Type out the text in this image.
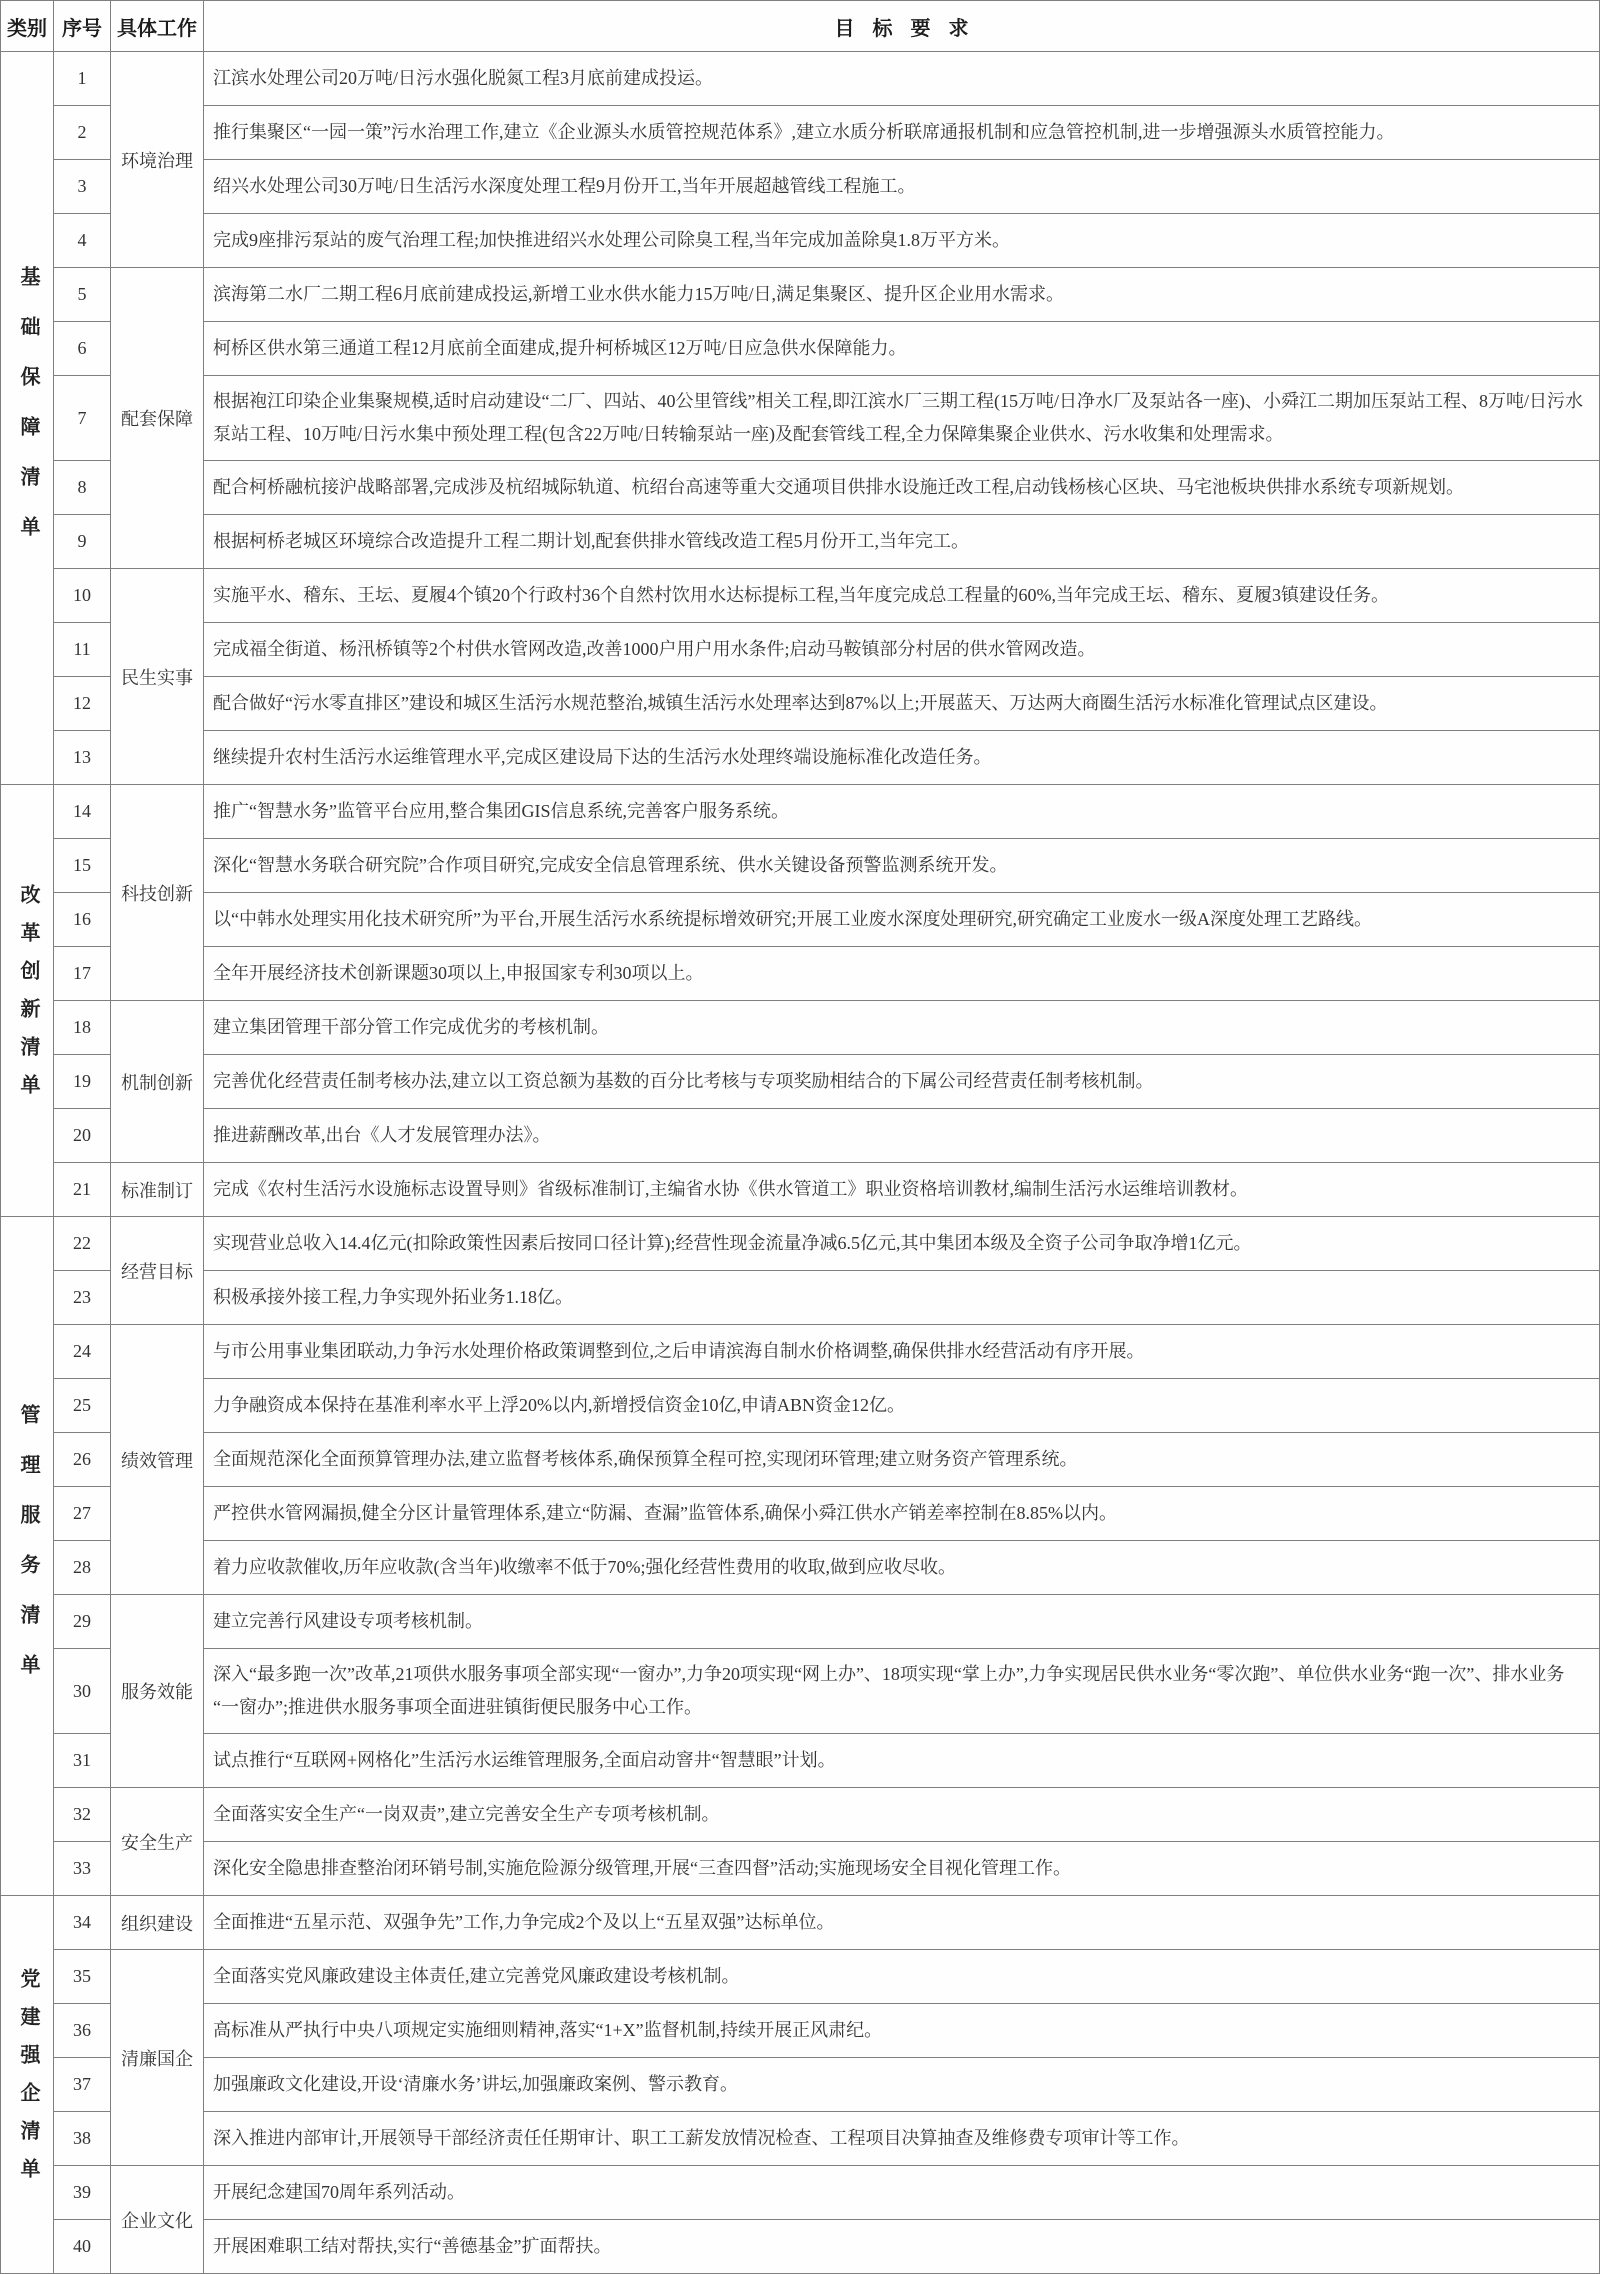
类别	序号	具体工作	目标要求
基础保障清单	1	环境治理	江滨水处理公司20万吨/日污水强化脱氮工程3月底前建成投运。
	2		推行集聚区“一园一策”污水治理工作,建立《企业源头水质管控规范体系》,建立水质分析联席通报机制和应急管控机制,进一步增强源头水质管控能力。
	3		绍兴水处理公司30万吨/日生活污水深度处理工程9月份开工,当年开展超越管线工程施工。
	4		完成9座排污泵站的废气治理工程;加快推进绍兴水处理公司除臭工程,当年完成加盖除臭1.8万平方米。
	5	配套保障	滨海第二水厂二期工程6月底前建成投运,新增工业水供水能力15万吨/日,满足集聚区、提升区企业用水需求。
	6		柯桥区供水第三通道工程12月底前全面建成,提升柯桥城区12万吨/日应急供水保障能力。
	7		根据袍江印染企业集聚规模,适时启动建设“二厂、四站、40公里管线”相关工程,即江滨水厂三期工程(15万吨/日净水厂及泵站各一座)、小舜江二期加压泵站工程、8万吨/日污水泵站工程、10万吨/日污水集中预处理工程(包含22万吨/日转输泵站一座)及配套管线工程,全力保障集聚企业供水、污水收集和处理需求。
	8		配合柯桥融杭接沪战略部署,完成涉及杭绍城际轨道、杭绍台高速等重大交通项目供排水设施迁改工程,启动钱杨核心区块、马宅池板块供排水系统专项新规划。
	9		根据柯桥老城区环境综合改造提升工程二期计划,配套供排水管线改造工程5月份开工,当年完工。
	10	民生实事	实施平水、稽东、王坛、夏履4个镇20个行政村36个自然村饮用水达标提标工程,当年度完成总工程量的60%,当年完成王坛、稽东、夏履3镇建设任务。
	11		完成福全街道、杨汛桥镇等2个村供水管网改造,改善1000户用户用水条件;启动马鞍镇部分村居的供水管网改造。
	12		配合做好“污水零直排区”建设和城区生活污水规范整治,城镇生活污水处理率达到87%以上;开展蓝天、万达两大商圈生活污水标准化管理试点区建设。
	13		继续提升农村生活污水运维管理水平,完成区建设局下达的生活污水处理终端设施标准化改造任务。
改革创新清单	14	科技创新	推广“智慧水务”监管平台应用,整合集团GIS信息系统,完善客户服务系统。
	15		深化“智慧水务联合研究院”合作项目研究,完成安全信息管理系统、供水关键设备预警监测系统开发。
	16		以“中韩水处理实用化技术研究所”为平台,开展生活污水系统提标增效研究;开展工业废水深度处理研究,研究确定工业废水一级A深度处理工艺路线。
	17		全年开展经济技术创新课题30项以上,申报国家专利30项以上。
	18	机制创新	建立集团管理干部分管工作完成优劣的考核机制。
	19		完善优化经营责任制考核办法,建立以工资总额为基数的百分比考核与专项奖励相结合的下属公司经营责任制考核机制。
	20		推进薪酬改革,出台《人才发展管理办法》。
	21	标准制订	完成《农村生活污水设施标志设置导则》省级标准制订,主编省水协《供水管道工》职业资格培训教材,编制生活污水运维培训教材。
管理服务清单	22	经营目标	实现营业总收入14.4亿元(扣除政策性因素后按同口径计算);经营性现金流量净减6.5亿元,其中集团本级及全资子公司争取净增1亿元。
	23		积极承接外接工程,力争实现外拓业务1.18亿。
	24	绩效管理	与市公用事业集团联动,力争污水处理价格政策调整到位,之后申请滨海自制水价格调整,确保供排水经营活动有序开展。
	25		力争融资成本保持在基准利率水平上浮20%以内,新增授信资金10亿,申请ABN资金12亿。
	26		全面规范深化全面预算管理办法,建立监督考核体系,确保预算全程可控,实现闭环管理;建立财务资产管理系统。
	27		严控供水管网漏损,健全分区计量管理体系,建立“防漏、查漏”监管体系,确保小舜江供水产销差率控制在8.85%以内。
	28		着力应收款催收,历年应收款(含当年)收缴率不低于70%;强化经营性费用的收取,做到应收尽收。
	29	服务效能	建立完善行风建设专项考核机制。
	30		深入“最多跑一次”改革,21项供水服务事项全部实现“一窗办”,力争20项实现“网上办”、18项实现“掌上办”,力争实现居民供水业务“零次跑”、单位供水业务“跑一次”、排水业务“一窗办”;推进供水服务事项全面进驻镇街便民服务中心工作。
	31		试点推行“互联网+网格化”生活污水运维管理服务,全面启动窨井“智慧眼”计划。
	32	安全生产	全面落实安全生产“一岗双责”,建立完善安全生产专项考核机制。
	33		深化安全隐患排查整治闭环销号制,实施危险源分级管理,开展“三查四督”活动;实施现场安全目视化管理工作。
党建强企清单	34	组织建设	全面推进“五星示范、双强争先”工作,力争完成2个及以上“五星双强”达标单位。
	35	清廉国企	全面落实党风廉政建设主体责任,建立完善党风廉政建设考核机制。
	36		高标准从严执行中央八项规定实施细则精神,落实“1+X”监督机制,持续开展正风肃纪。
	37		加强廉政文化建设,开设‘清廉水务’讲坛,加强廉政案例、警示教育。
	38		深入推进内部审计,开展领导干部经济责任任期审计、职工工薪发放情况检查、工程项目决算抽查及维修费专项审计等工作。
	39	企业文化	开展纪念建国70周年系列活动。
	40		开展困难职工结对帮扶,实行“善德基金”扩面帮扶。
